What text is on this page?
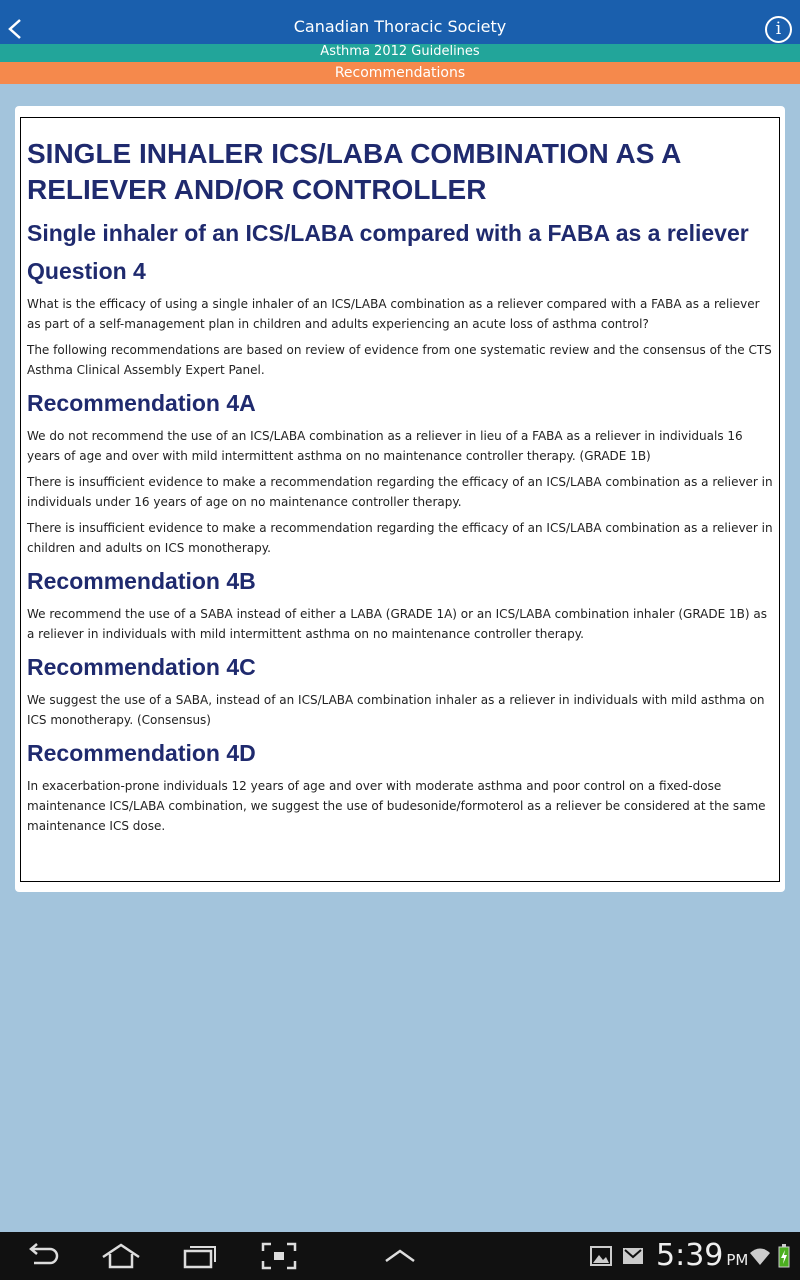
Canadian Thoracic Society	i
Asthma 2012 Guidelines
Recommendations
SINGLE INHALER ICS/LABA COMBINATION AS A RELIEVER AND/OR CONTROLLER
Single inhaler of an ICS/LABA compared with a FABA as a reliever
Question 4
What is the efficacy of using a single inhaler of an ICS/LABA combination as a reliever compared with a FABA as a reliever as part of a self-management plan in children and adults experiencing an acute loss of asthma control?
The following recommendations are based on review of evidence from one systematic review and the consensus of the CTS Asthma Clinical Assembly Expert Panel.
Recommendation 4A
We do not recommend the use of an ICS/LABA combination as a reliever in lieu of a FABA as a reliever in individuals 16 years of age and over with mild intermittent asthma on no maintenance controller therapy. (GRADE 1B)
There is insufficient evidence to make a recommendation regarding the efficacy of an ICS/LABA combination as a reliever in individuals under 16 years of age on no maintenance controller therapy.
There is insufficient evidence to make a recommendation regarding the efficacy of an ICS/LABA combination as a reliever in children and adults on ICS monotherapy.
Recommendation 4B
We recommend the use of a SABA instead of either a LABA (GRADE 1A) or an ICS/LABA combination inhaler (GRADE 1B) as a reliever in individuals with mild intermittent asthma on no maintenance controller therapy.
Recommendation 4C
We suggest the use of a SABA, instead of an ICS/LABA combination inhaler as a reliever in individuals with mild asthma on ICS monotherapy. (Consensus)
Recommendation 4D
In exacerbation-prone individuals 12 years of age and over with moderate asthma and poor control on a fixed-dose maintenance ICS/LABA combination, we suggest the use of budesonide/formoterol as a reliever be considered at the same maintenance ICS dose.
5:39 PM
